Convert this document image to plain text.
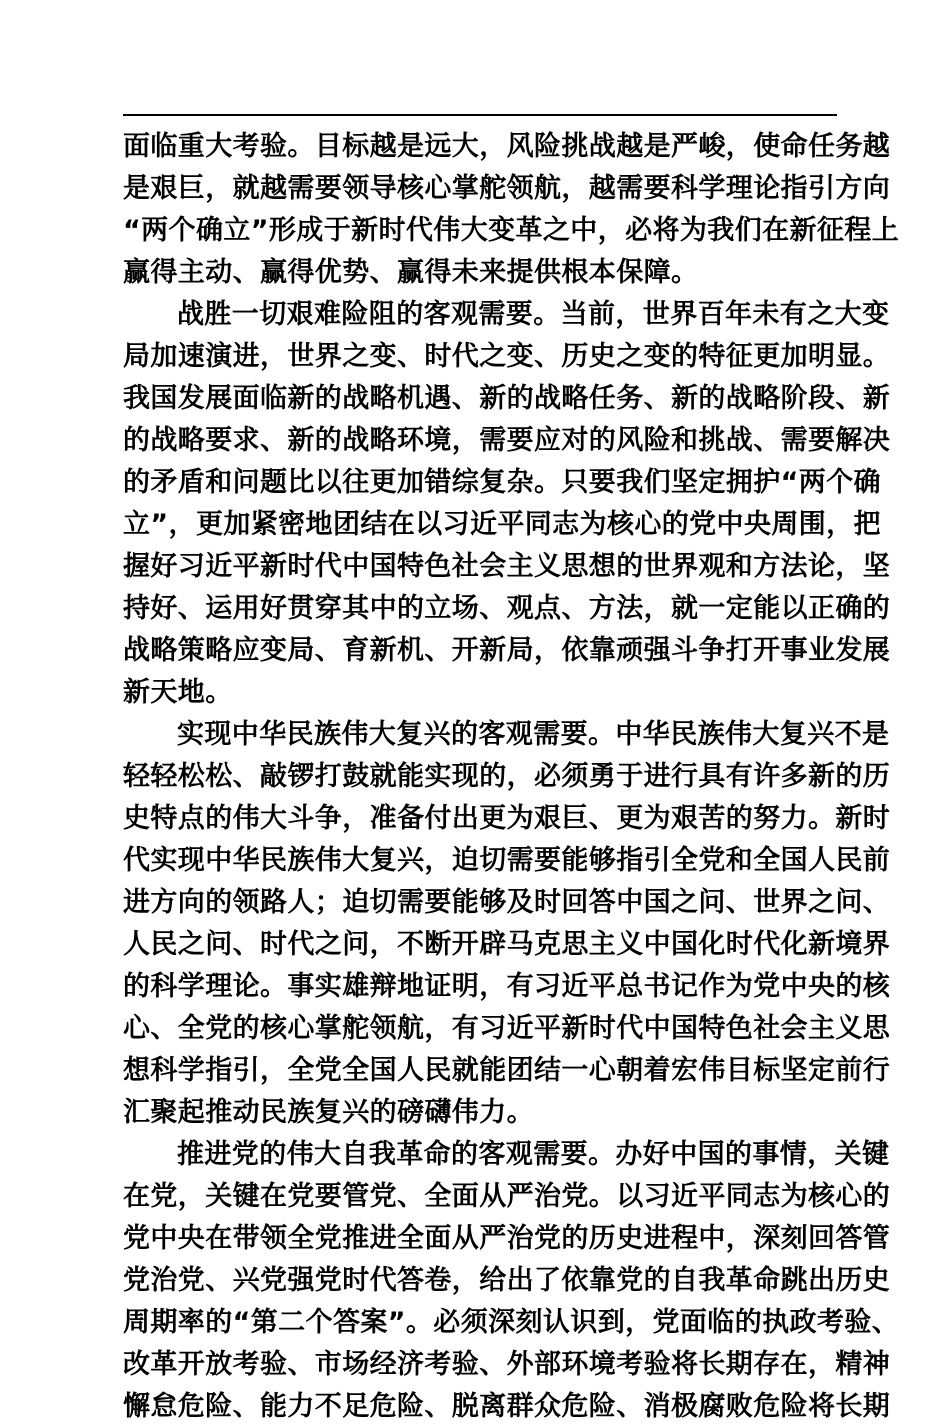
面临重大考验。目标越是远大，风险挑战越是严峻，使命任务越
是艰巨，就越需要领导核心掌舵领航，越需要科学理论指引方向
“两个确立”形成于新时代伟大变革之中，必将为我们在新征程上
赢得主动、赢得优势、赢得未来提供根本保障。
战胜一切艰难险阻的客观需要。当前，世界百年未有之大变
局加速演进，世界之变、时代之变、历史之变的特征更加明显。
我国发展面临新的战略机遇、新的战略任务、新的战略阶段、新
的战略要求、新的战略环境，需要应对的风险和挑战、需要解决
的矛盾和问题比以往更加错综复杂。只要我们坚定拥护“两个确
立”，更加紧密地团结在以习近平同志为核心的党中央周围，把
握好习近平新时代中国特色社会主义思想的世界观和方法论，坚
持好、运用好贯穿其中的立场、观点、方法，就一定能以正确的
战略策略应变局、育新机、开新局，依靠顽强斗争打开事业发展
新天地。
实现中华民族伟大复兴的客观需要。中华民族伟大复兴不是
轻轻松松、敲锣打鼓就能实现的，必须勇于进行具有许多新的历
史特点的伟大斗争，准备付出更为艰巨、更为艰苦的努力。新时
代实现中华民族伟大复兴，迫切需要能够指引全党和全国人民前
进方向的领路人；迫切需要能够及时回答中国之问、世界之问、
人民之问、时代之问，不断开辟马克思主义中国化时代化新境界
的科学理论。事实雄辩地证明，有习近平总书记作为党中央的核
心、全党的核心掌舵领航，有习近平新时代中国特色社会主义思
想科学指引，全党全国人民就能团结一心朝着宏伟目标坚定前行
汇聚起推动民族复兴的磅礴伟力。
推进党的伟大自我革命的客观需要。办好中国的事情，关键
在党，关键在党要管党、全面从严治党。以习近平同志为核心的
党中央在带领全党推进全面从严治党的历史进程中，深刻回答管
党治党、兴党强党时代答卷，给出了依靠党的自我革命跳出历史
周期率的“第二个答案”。必须深刻认识到，党面临的执政考验、
改革开放考验、市场经济考验、外部环境考验将长期存在，精神
懈怠危险、能力不足危险、脱离群众危险、消极腐败危险将长期
